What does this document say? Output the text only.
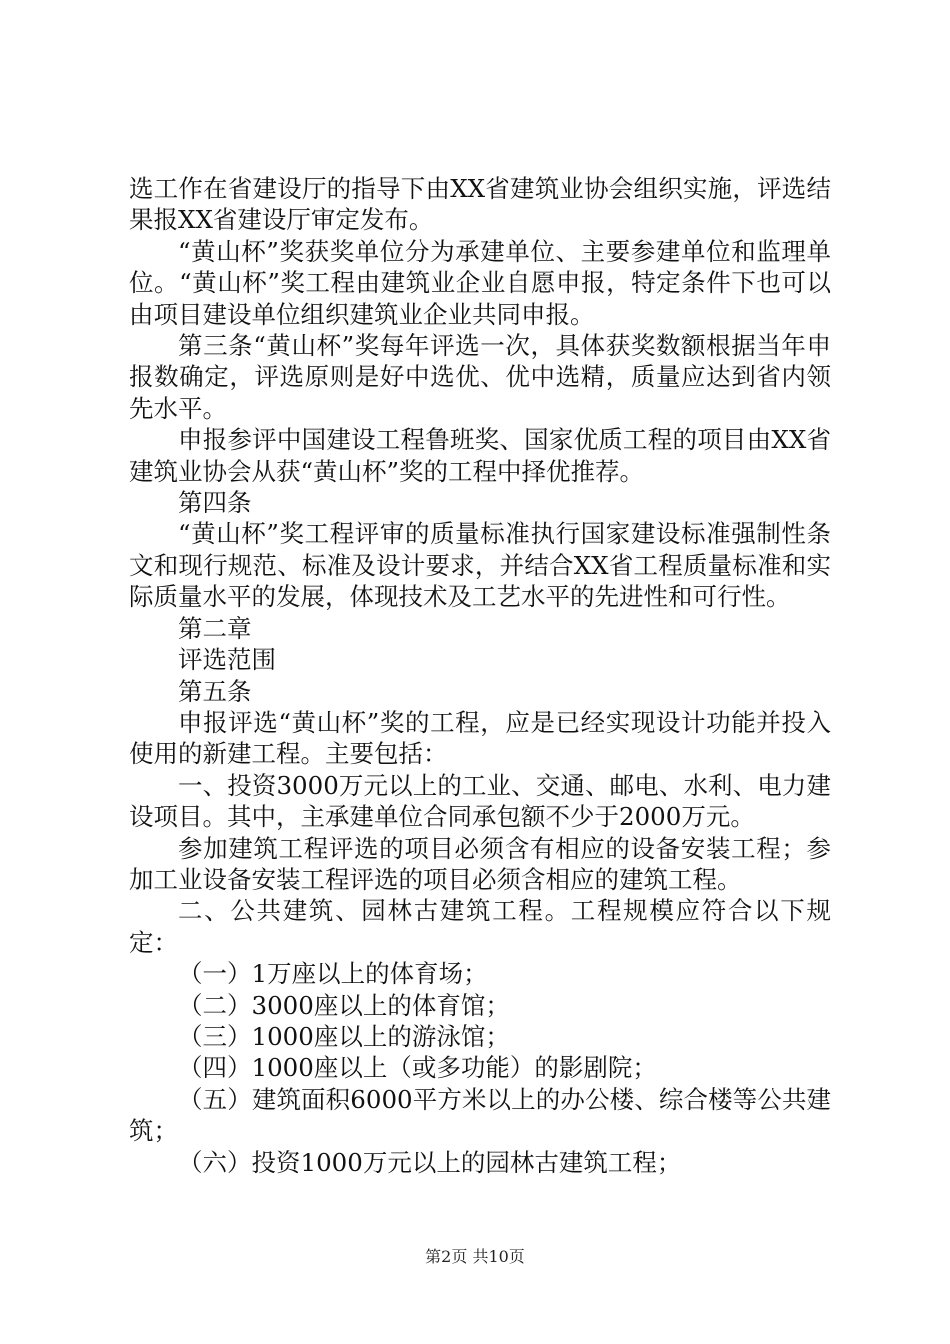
选工作在省建设厅的指导下由XX省建筑业协会组织实施，评选结果报XX省建设厅审定发布。

“黄山杯”奖获奖单位分为承建单位、主要参建单位和监理单位。“黄山杯”奖工程由建筑业企业自愿申报，特定条件下也可以由项目建设单位组织建筑业企业共同申报。

第三条“黄山杯”奖每年评选一次，具体获奖数额根据当年申报数确定，评选原则是好中选优、优中选精，质量应达到省内领先水平。

申报参评中国建设工程鲁班奖、国家优质工程的项目由XX省建筑业协会从获“黄山杯”奖的工程中择优推荐。

第四条

“黄山杯”奖工程评审的质量标准执行国家建设标准强制性条文和现行规范、标准及设计要求，并结合XX省工程质量标准和实际质量水平的发展，体现技术及工艺水平的先进性和可行性。

第二章

评选范围

第五条

申报评选“黄山杯”奖的工程，应是已经实现设计功能并投入使用的新建工程。主要包括：

一、投资3000万元以上的工业、交通、邮电、水利、电力建设项目。其中，主承建单位合同承包额不少于2000万元。

参加建筑工程评选的项目必须含有相应的设备安装工程；参加工业设备安装工程评选的项目必须含相应的建筑工程。

二、公共建筑、园林古建筑工程。工程规模应符合以下规定：

（一）1万座以上的体育场；

（二）3000座以上的体育馆；

（三）1000座以上的游泳馆；

（四）1000座以上（或多功能）的影剧院；

（五）建筑面积6000平方米以上的办公楼、综合楼等公共建筑；

（六）投资1000万元以上的园林古建筑工程；

第2页 共10页
